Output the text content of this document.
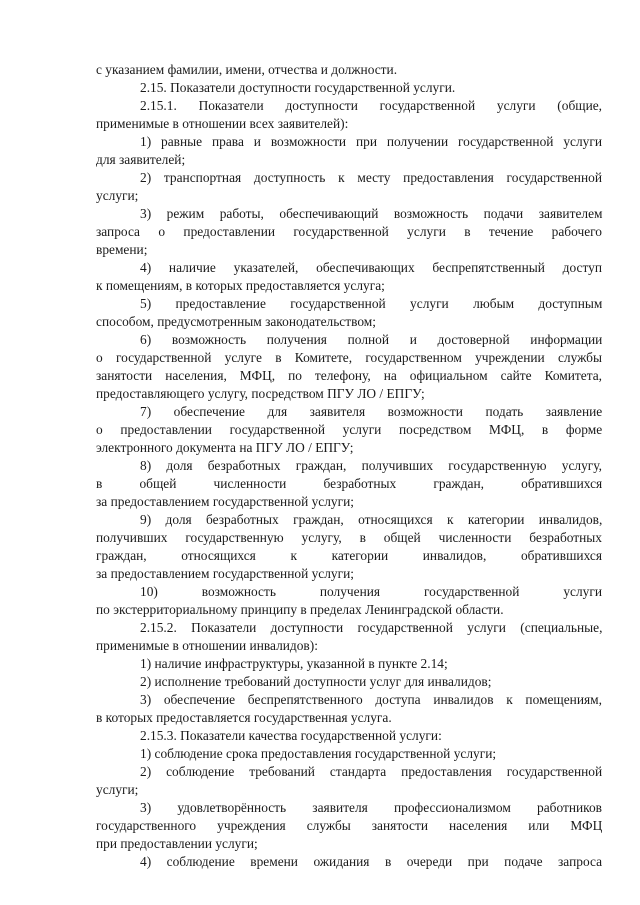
с указанием фамилии, имени, отчества и должности.
2.15. Показатели доступности государственной услуги.
2.15.1. Показатели доступности государственной услуги (общие,
применимые в отношении всех заявителей):
1) равные права и возможности при получении государственной услуги
для заявителей;
2) транспортная доступность к месту предоставления государственной
услуги;
3) режим работы, обеспечивающий возможность подачи заявителем
запроса о предоставлении государственной услуги в течение рабочего
времени;
4) наличие указателей, обеспечивающих беспрепятственный доступ
к помещениям, в которых предоставляется услуга;
5) предоставление государственной услуги любым доступным
способом, предусмотренным законодательством;
6) возможность получения полной и достоверной информации
о государственной услуге в Комитете, государственном учреждении службы
занятости населения, МФЦ, по телефону, на официальном сайте Комитета,
предоставляющего услугу, посредством ПГУ ЛО / ЕПГУ;
7) обеспечение для заявителя возможности подать заявление
о предоставлении государственной услуги посредством МФЦ, в форме
электронного документа на ПГУ ЛО / ЕПГУ;
8) доля безработных граждан, получивших государственную услугу,
в общей численности безработных граждан, обратившихся
за предоставлением государственной услуги;
9) доля безработных граждан, относящихся к категории инвалидов,
получивших государственную услугу, в общей численности безработных
граждан, относящихся к категории инвалидов, обратившихся
за предоставлением государственной услуги;
10) возможность получения государственной услуги
по экстерриториальному принципу в пределах Ленинградской области.
2.15.2. Показатели доступности государственной услуги (специальные,
применимые в отношении инвалидов):
1) наличие инфраструктуры, указанной в пункте 2.14;
2) исполнение требований доступности услуг для инвалидов;
3) обеспечение беспрепятственного доступа инвалидов к помещениям,
в которых предоставляется государственная услуга.
2.15.3. Показатели качества государственной услуги:
1) соблюдение срока предоставления государственной услуги;
2) соблюдение требований стандарта предоставления государственной
услуги;
3) удовлетворённость заявителя профессионализмом работников
государственного учреждения службы занятости населения или МФЦ
при предоставлении услуги;
4) соблюдение времени ожидания в очереди при подаче запроса
